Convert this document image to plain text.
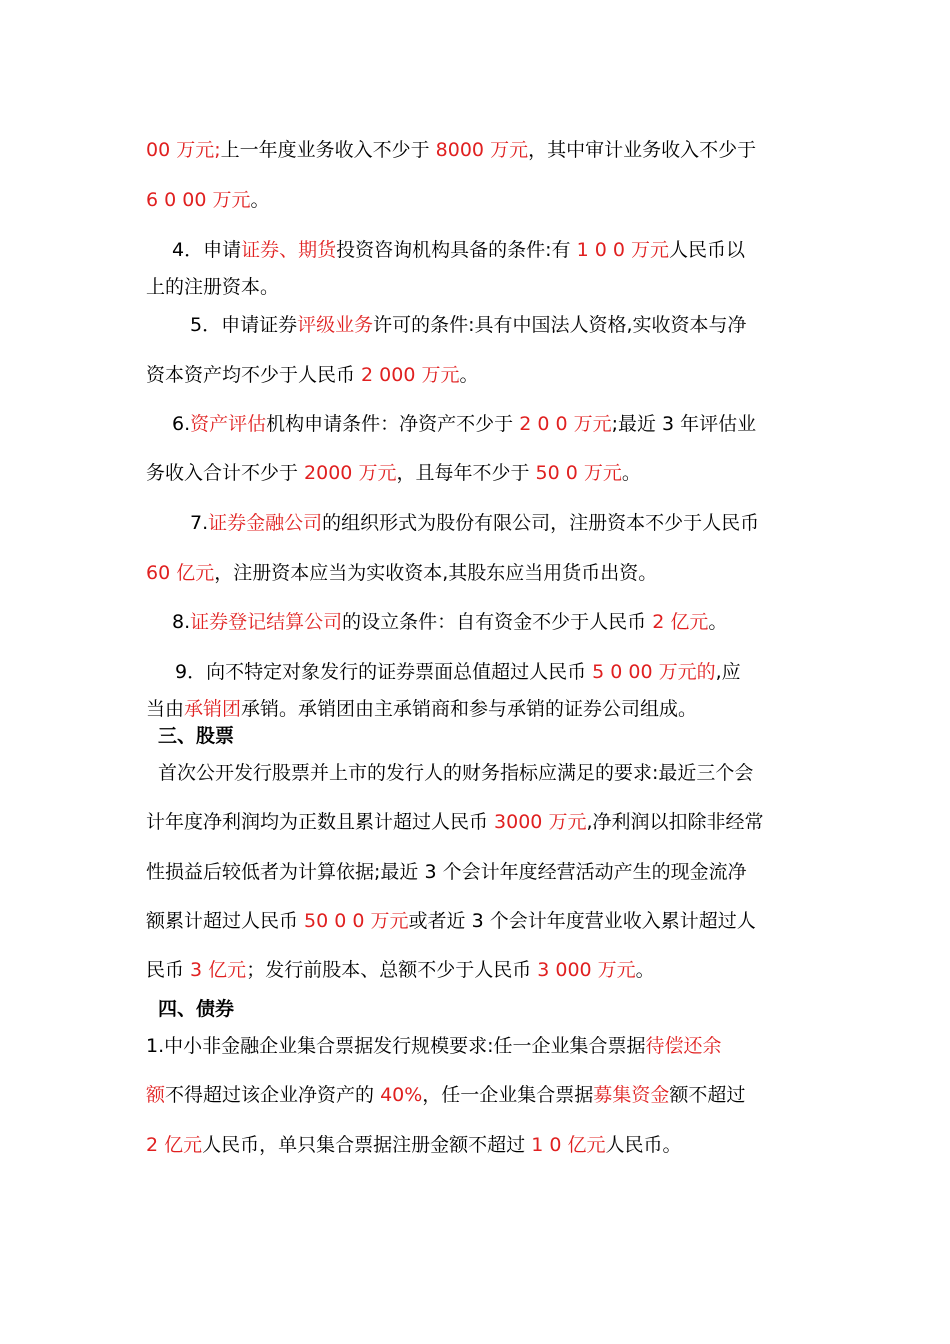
00 万元;上一年度业务收入不少于 8000 万元，其中审计业务收入不少于
6 0 00 万元。
4．申请证券、期货投资咨询机构具备的条件:有 1 0 0 万元人民币以
上的注册资本。
5．申请证券评级业务许可的条件:具有中国法人资格,实收资本与净
资本资产均不少于人民币 2 000 万元。
6.资产评估机构申请条件：净资产不少于 2 0 0 万元;最近 3 年评估业
务收入合计不少于 2000 万元，且每年不少于 50 0 万元。
7.证券金融公司的组织形式为股份有限公司，注册资本不少于人民币
60 亿元，注册资本应当为实收资本,其股东应当用货币出资。
8.证券登记结算公司的设立条件：自有资金不少于人民币 2 亿元。
9．向不特定对象发行的证券票面总值超过人民币 5 0 00 万元的,应
当由承销团承销。承销团由主承销商和参与承销的证券公司组成。
三、股票
首次公开发行股票并上市的发行人的财务指标应满足的要求:最近三个会
计年度净利润均为正数且累计超过人民币 3000 万元,净利润以扣除非经常
性损益后较低者为计算依据;最近 3 个会计年度经营活动产生的现金流净
额累计超过人民币 50 0 0 万元或者近 3 个会计年度营业收入累计超过人
民币 3 亿元；发行前股本、总额不少于人民币 3 000 万元。
四、债券
1.中小非金融企业集合票据发行规模要求:任一企业集合票据待偿还余
额不得超过该企业净资产的 40%，任一企业集合票据募集资金额不超过
2 亿元人民币，单只集合票据注册金额不超过 1 0 亿元人民币。
